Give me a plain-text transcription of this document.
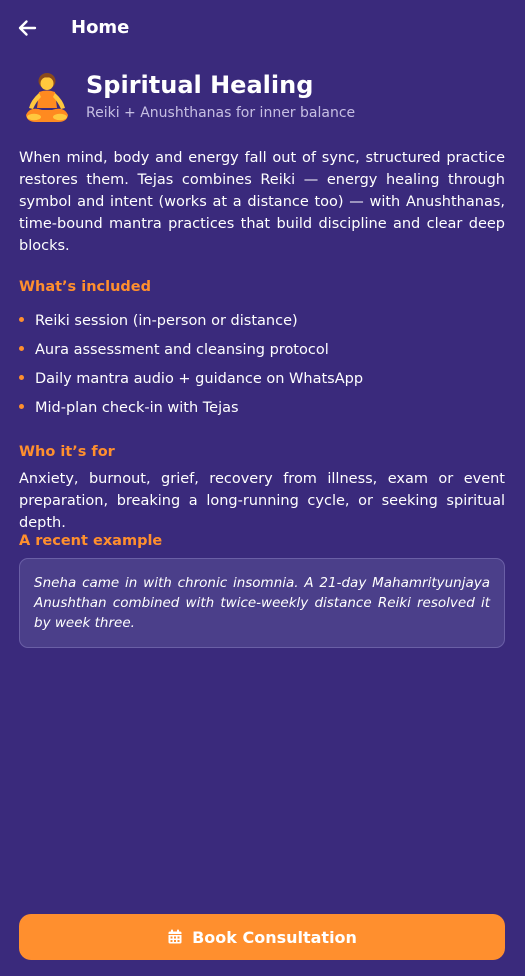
Home
Spiritual Healing
Reiki + Anushthanas for inner balance
When mind, body and energy fall out of sync, structured practice restores them. Tejas combines Reiki — energy healing through symbol and intent (works at a distance too) — with Anushthanas, time-bound mantra practices that build discipline and clear deep blocks.
What’s included
Reiki session (in-person or distance)
Aura assessment and cleansing protocol
Daily mantra audio + guidance on WhatsApp
Mid-plan check-in with Tejas
Who it’s for
Anxiety, burnout, grief, recovery from illness, exam or event preparation, breaking a long-running cycle, or seeking spiritual depth.
A recent example
Sneha came in with chronic insomnia. A 21-day Mahamrityunjaya Anushthan combined with twice-weekly distance Reiki resolved it by week three.
Book Consultation
